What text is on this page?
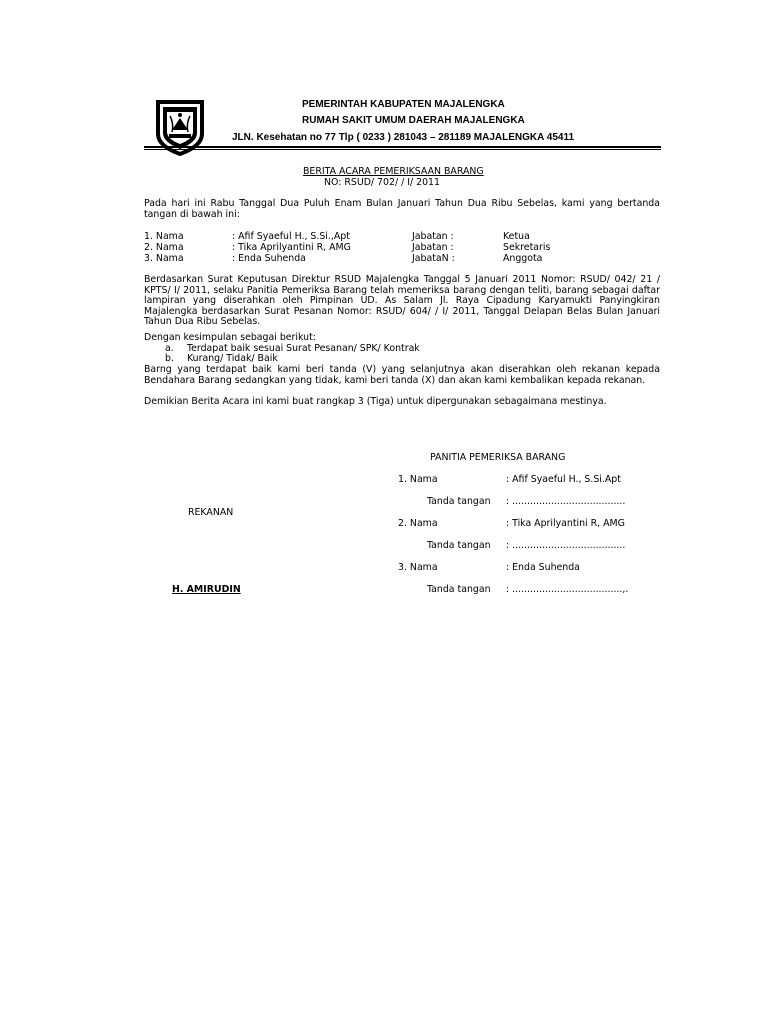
PEMERINTAH KABUPATEN MAJALENGKA
RUMAH SAKIT UMUM DAERAH MAJALENGKA
JLN. Kesehatan no 77 Tlp ( 0233 ) 281043 – 281189 MAJALENGKA 45411
BERITA ACARA PEMERIKSAAN BARANG
NO: RSUD/ 702/ / I/ 2011
Pada hari ini Rabu Tanggal Dua Puluh Enam Bulan Januari Tahun Dua Ribu Sebelas, kami yang bertanda tangan di bawah ini:
1. Nama	: Afif Syaeful H., S.Si.,Apt	Jabatan :	Ketua
2. Nama	: Tika Aprilyantini R, AMG	Jabatan :	Sekretaris
3. Nama	: Enda Suhenda	JabataN :	Anggota
Berdasarkan Surat Keputusan Direktur RSUD Majalengka Tanggal 5 Januari 2011 Nomor: RSUD/ 042/ 21 / KPTS/ I/ 2011, selaku Panitia Pemeriksa Barang telah memeriksa barang dengan teliti, barang sebagai daftar lampiran yang diserahkan oleh Pimpinan UD. As Salam Jl. Raya Cipadung Karyamukti Panyingkiran Majalengka berdasarkan Surat Pesanan Nomor: RSUD/ 604/ / I/ 2011, Tanggal Delapan Belas Bulan Januari Tahun Dua Ribu Sebelas.
Dengan kesimpulan sebagai berikut:
a. Terdapat baik sesuai Surat Pesanan/ SPK/ Kontrak
b. Kurang/ Tidak/ Baik
Barng yang terdapat baik kami beri tanda (V) yang selanjutnya akan diserahkan oleh rekanan kepada Bendahara Barang sedangkan yang tidak, kami beri tanda (X) dan akan kami kembalikan kepada rekanan.
Demikian Berita Acara ini kami buat rangkap 3 (Tiga) untuk dipergunakan sebagaimana mestinya.
PANITIA PEMERIKSA BARANG
REKANAN
H. AMIRUDIN
1. Nama	: Afif Syaeful H., S.Si.Apt
Tanda tangan : ......................................
2. Nama	: Tika Aprilyantini R, AMG
Tanda tangan : ......................................
3. Nama	: Enda Suhenda
Tanda tangan : .....................................,.
